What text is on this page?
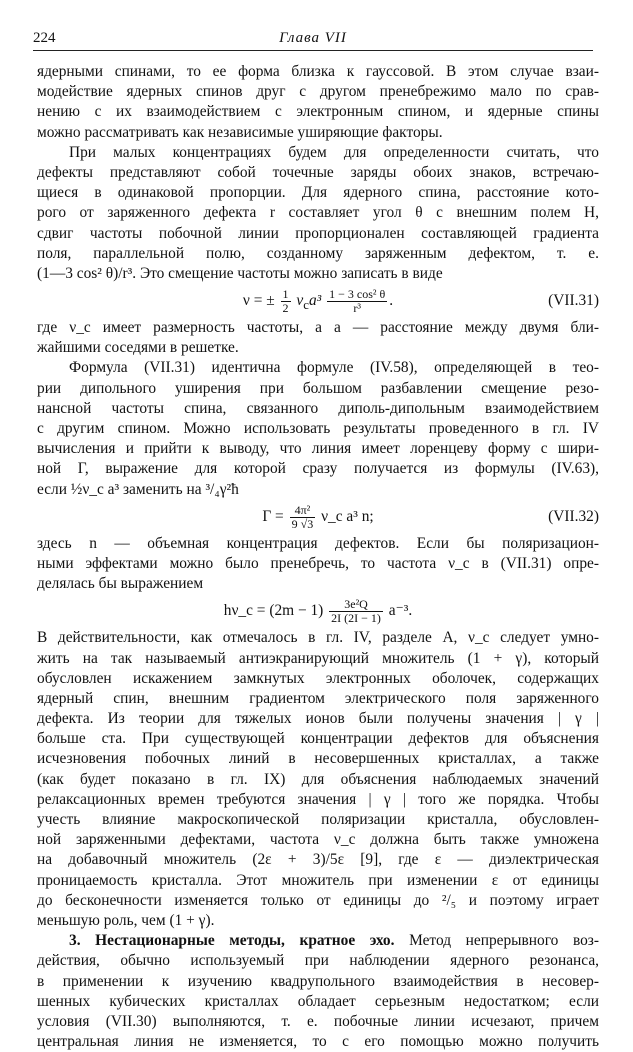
224	Глава VII
ядерными спинами, то ее форма близка к гауссовой. В этом случае взаи-
модействие ядерных спинов друг с другом пренебрежимо мало по срав-
нению с их взаимодействием с электронным спином, и ядерные спины
можно рассматривать как независимые уширяющие факторы.
При малых концентрациях будем для определенности считать, что
дефекты представляют собой точечные заряды обоих знаков, встречаю-
щиеся в одинаковой пропорции. Для ядерного спина, расстояние кото-
рого от заряженного дефекта r составляет угол θ с внешним полем H,
сдвиг частоты побочной линии пропорционален составляющей градиента
поля, параллельной полю, созданному заряженным дефектом, т. е.
(1—3 cos² θ)/r³. Это смещение частоты можно записать в виде
ν = ± $\frac{1}{2} \nu_ca^3 \frac{\text{1 − 3 cos² θ}}{\text{r³}}$ .	(VII.31)
где ν_c имеет размерность частоты, а a — расстояние между двумя бли-
жайшими соседями в решетке.
Формула (VII.31) идентична формуле (IV.58), определяющей в тео-
рии дипольного уширения при большом разбавлении смещение резо-
нансной частоты спина, связанного диполь-дипольным взаимодействием
с другим спином. Можно использовать результаты проведенного в гл. IV
вычисления и прийти к выводу, что линия имеет лоренцеву форму с шири-
ной Γ, выражение для которой сразу получается из формулы (IV.63),
если ½ν_c a³ заменить на ³/₄γ²ħ
$\Gamma = \frac{\text{4π²}}{9 √3}$ ν_c a³ n;	(VII.32)
здесь n — объемная концентрация дефектов. Если бы поляризацион-
ными эффектами можно было пренебречь, то частота ν_c в (VII.31) опре-
делялась бы выражением
hν_c = $(2m - 1) \frac{\text{3e²Q}}{2I (2I - 1)} a^{-3}$.
В действительности, как отмечалось в гл. IV, разделе A, ν_c следует умно-
жить на так называемый антиэкранирующий множитель (1 + γ), который
обусловлен искажением замкнутых электронных оболочек, содержащих
ядерный спин, внешним градиентом электрического поля заряженного
дефекта. Из теории для тяжелых ионов были получены значения | γ |
больше ста. При существующей концентрации дефектов для объяснения
исчезновения побочных линий в несовершенных кристаллах, а также
(как будет показано в гл. IX) для объяснения наблюдаемых значений
релаксационных времен требуются значения | γ | того же порядка. Чтобы
учесть влияние макроскопической поляризации кристалла, обусловлен-
ной заряженными дефектами, частота ν_c должна быть также умножена
на добавочный множитель (2ε + 3)/5ε [9], где ε — диэлектрическая
проницаемость кристалла. Этот множитель при изменении ε от единицы
до бесконечности изменяется только от единицы до ²/₅ и поэтому играет
меньшую роль, чем (1 + γ).
3. Нестационарные методы, кратное эхо. Метод непрерывного воз-
действия, обычно используемый при наблюдении ядерного резонанса,
в применении к изучению квадрупольного взаимодействия в несовер-
шенных кубических кристаллах обладает серьезным недостатком; если
условия (VII.30) выполняются, т. е. побочные линии исчезают, причем
центральная линия не изменяется, то с его помощью можно получить
